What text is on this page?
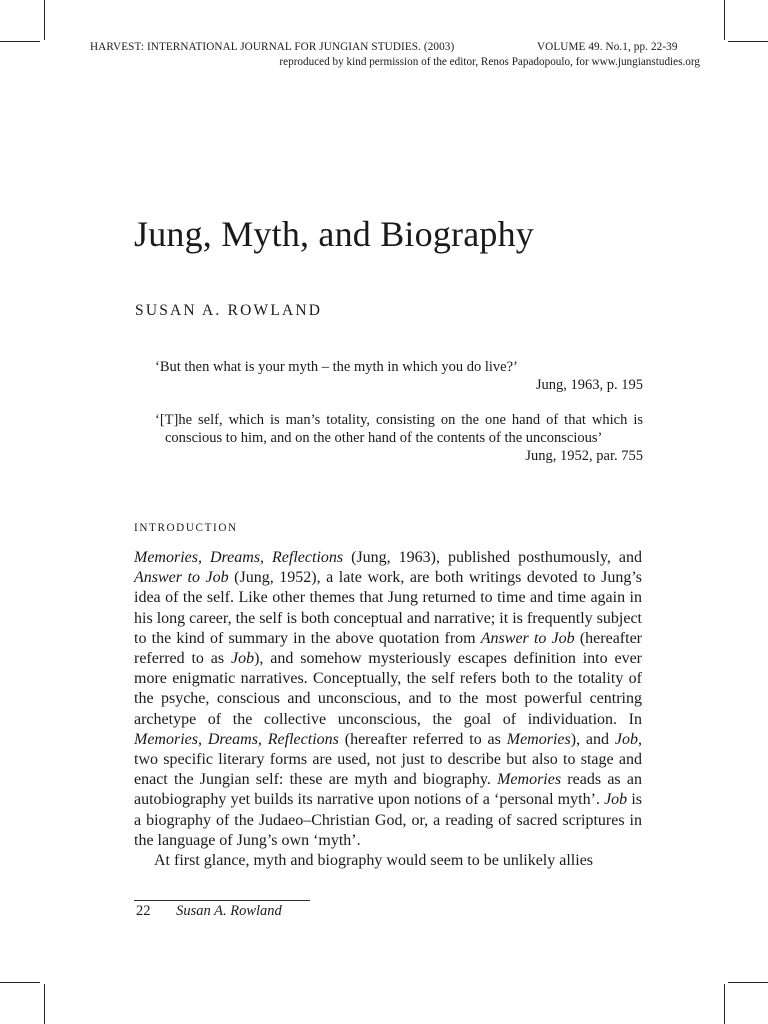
HARVEST: INTERNATIONAL JOURNAL FOR JUNGIAN STUDIES. (2003)	VOLUME 49. No.1, pp. 22-39
reproduced by kind permission of the editor, Renos Papadopoulo, for www.jungianstudies.org
Jung, Myth, and Biography
SUSAN A. ROWLAND
‘But then what is your myth – the myth in which you do live?’
Jung, 1963, p. 195
‘[T]he self, which is man’s totality, consisting on the one hand of that which is conscious to him, and on the other hand of the contents of the unconscious’
Jung, 1952, par. 755
INTRODUCTION

Memories, Dreams, Reflections (Jung, 1963), published posthumously, and Answer to Job (Jung, 1952), a late work, are both writings devoted to Jung’s idea of the self. Like other themes that Jung returned to time and time again in his long career, the self is both conceptual and narrative; it is frequently subject to the kind of summary in the above quotation from Answer to Job (hereafter referred to as Job), and somehow mysteriously escapes definition into ever more enigmatic narratives. Conceptually, the self refers both to the totality of the psyche, conscious and unconscious, and to the most powerful centring archetype of the collective unconscious, the goal of individuation. In Memories, Dreams, Reflections (hereafter referred to as Memories), and Job, two specific literary forms are used, not just to describe but also to stage and enact the Jungian self: these are myth and biography. Memories reads as an autobiography yet builds its narrative upon notions of a ‘personal myth’. Job is a biography of the Judaeo–Christian God, or, a reading of sacred scriptures in the language of Jung’s own ‘myth’.

At first glance, myth and biography would seem to be unlikely allies

22 Susan A. Rowland
